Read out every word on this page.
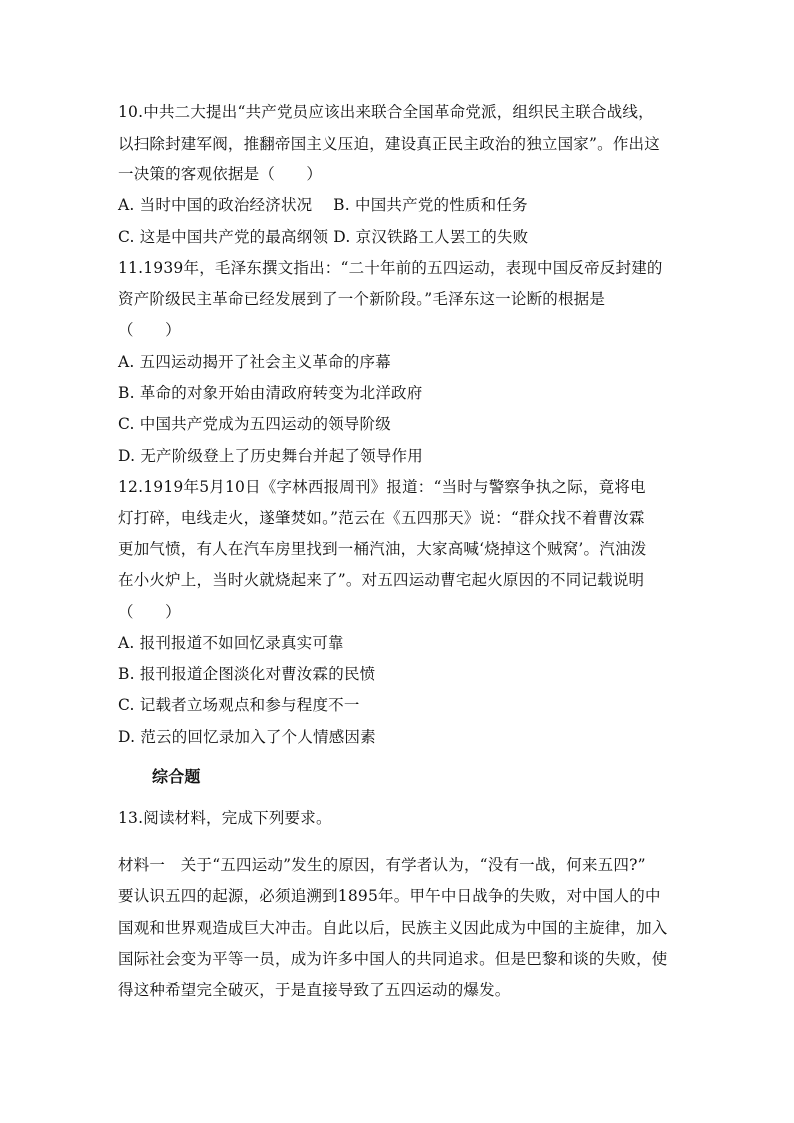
10.中共二大提出“共产党员应该出来联合全国革命党派，组织民主联合战线，
以扫除封建军阀，推翻帝国主义压迫，建设真正民主政治的独立国家”。作出这
一决策的客观依据是（　　）
A. 当时中国的政治经济状况　 B. 中国共产党的性质和任务
C. 这是中国共产党的最高纲领 D. 京汉铁路工人罢工的失败
11.1939年，毛泽东撰文指出：“二十年前的五四运动，表现中国反帝反封建的
资产阶级民主革命已经发展到了一个新阶段。”毛泽东这一论断的根据是
（　　）
A. 五四运动揭开了社会主义革命的序幕
B. 革命的对象开始由清政府转变为北洋政府
C. 中国共产党成为五四运动的领导阶级
D. 无产阶级登上了历史舞台并起了领导作用
12.1919年5月10日《字林西报周刊》报道：“当时与警察争执之际，竟将电
灯打碎，电线走火，遂肇焚如。”范云在《五四那天》说：“群众找不着曹汝霖
更加气愤，有人在汽车房里找到一桶汽油，大家高喊‘烧掉这个贼窝’。汽油泼
在小火炉上，当时火就烧起来了”。对五四运动曹宅起火原因的不同记载说明
（　　）
A. 报刊报道不如回忆录真实可靠
B. 报刊报道企图淡化对曹汝霖的民愤
C. 记载者立场观点和参与程度不一
D. 范云的回忆录加入了个人情感因素
综合题
13.阅读材料，完成下列要求。
材料一　关于“五四运动”发生的原因，有学者认为，“没有一战，何来五四?”
要认识五四的起源，必须追溯到1895年。甲午中日战争的失败，对中国人的中
国观和世界观造成巨大冲击。自此以后，民族主义因此成为中国的主旋律，加入
国际社会变为平等一员，成为许多中国人的共同追求。但是巴黎和谈的失败，使
得这种希望完全破灭，于是直接导致了五四运动的爆发。
